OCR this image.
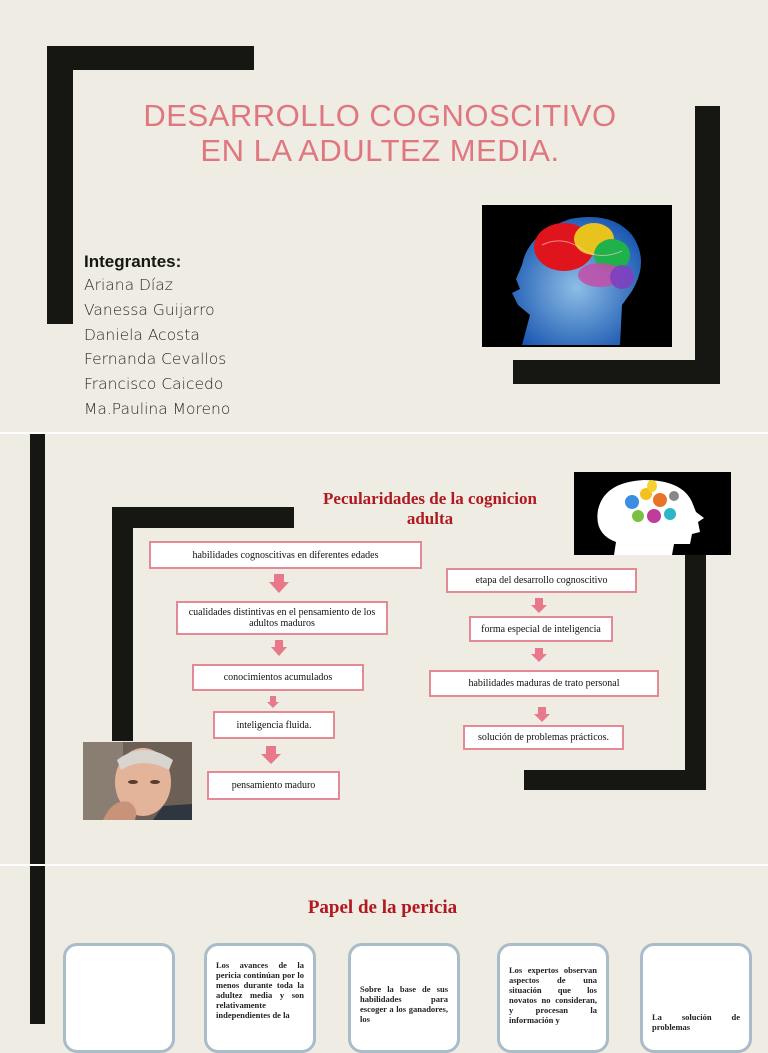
DESARROLLO COGNOSCITIVO
EN LA ADULTEZ MEDIA.
Integrantes:
Ariana Díaz
Vanessa Guijarro
Daniela Acosta
Fernanda Cevallos
Francisco Caicedo
Ma.Paulina Moreno
Pecularidades de la cognicion
adulta
habilidades cognoscitivas en diferentes edades
cualidades distintivas en el pensamiento de los adultos maduros
conocimientos acumulados
inteligencia fluida.
pensamiento maduro
etapa del desarrollo cognoscitivo
forma especial de inteligencia
habilidades maduras de trato personal
solución de problemas prácticos.
Papel de la pericia
Los avances de la pericia continúan por lo menos durante toda la adultez media y son relativamente independientes de la
Sobre la base de sus habilidades para escoger a los ganadores, los
Los expertos observan aspectos de una situación que los novatos no consideran, y procesan la información y	La solución de problemas
